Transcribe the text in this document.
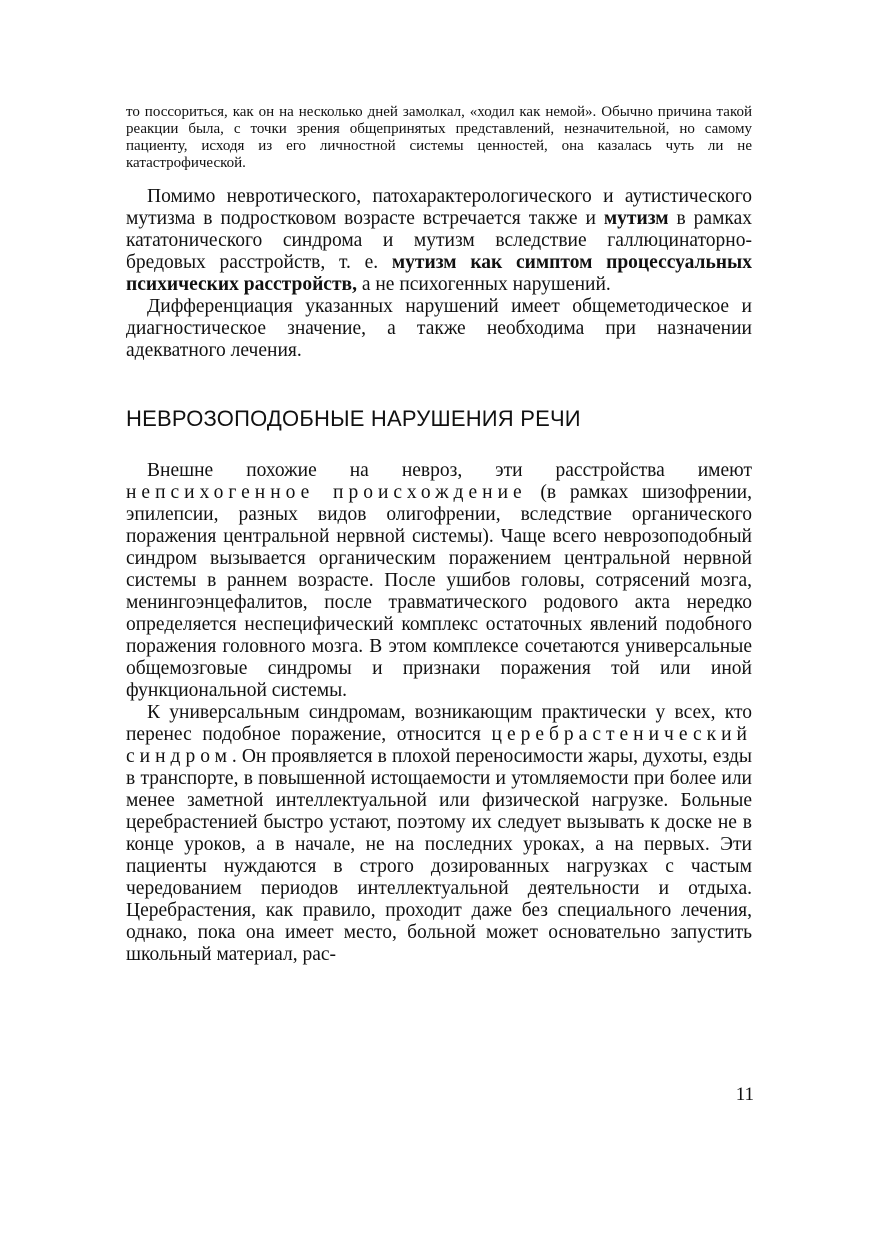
то поссориться, как он на несколько дней замолкал, «ходил как немой». Обычно причина такой реакции была, с точки зрения общепринятых представлений, незначительной, но самому пациенту, исходя из его личностной системы ценностей, она казалась чуть ли не катастрофической.

Помимо невротического, патохарактерологического и аутистического мутизма в подростковом возрасте встречается также и мутизм в рамках кататонического синдрома и мутизм вследствие галлюцинаторно-бредовых расстройств, т. е. мутизм как симптом процессуальных психических расстройств, а не психогенных нарушений.

Дифференциация указанных нарушений имеет общеметодическое и диагностическое значение, а также необходима при назначении адекватного лечения.

НЕВРОЗОПОДОБНЫЕ НАРУШЕНИЯ РЕЧИ

Внешне похожие на невроз, эти расстройства имеют непсихогенное происхождение (в рамках шизофрении, эпилепсии, разных видов олигофрении, вследствие органического поражения центральной нервной системы). Чаще всего неврозоподобный синдром вызывается органическим поражением центральной нервной системы в раннем возрасте. После ушибов головы, сотрясений мозга, менингоэнцефалитов, после травматического родового акта нередко определяется неспецифический комплекс остаточных явлений подобного поражения головного мозга. В этом комплексе сочетаются универсальные общемозговые синдромы и признаки поражения той или иной функциональной системы.

К универсальным синдромам, возникающим практически у всех, кто перенес подобное поражение, относится церебрастенический синдром. Он проявляется в плохой переносимости жары, духоты, езды в транспорте, в повышенной истощаемости и утомляемости при более или менее заметной интеллектуальной или физической нагрузке. Больные церебрастенией быстро устают, поэтому их следует вызывать к доске не в конце уроков, а в начале, не на последних уроках, а на первых. Эти пациенты нуждаются в строго дозированных нагрузках с частым чередованием периодов интеллектуальной деятельности и отдыха. Церебрастения, как правило, проходит даже без специального лечения, однако, пока она имеет место, больной может основательно запустить школьный материал, рас-

11
